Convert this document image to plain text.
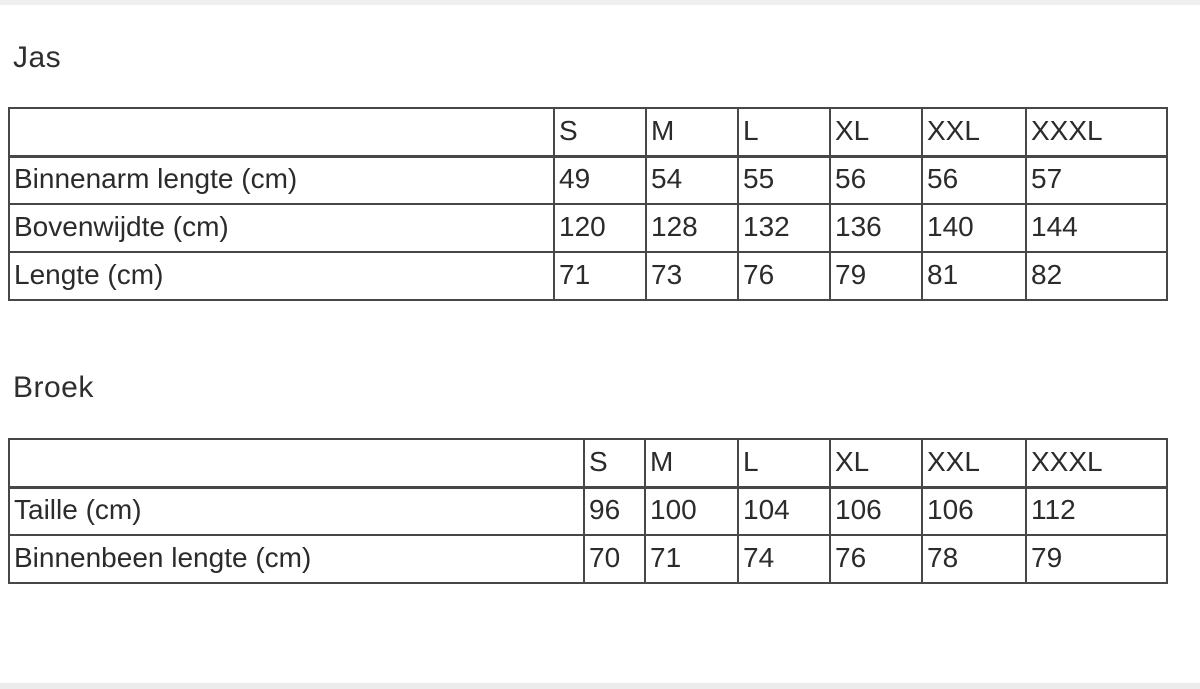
Jas
	S	M	L	XL	XXL	XXXL
Binnenarm lengte (cm)	49	54	55	56	56	57
Bovenwijdte (cm)	120	128	132	136	140	144
Lengte (cm)	71	73	76	79	81	82
Broek
	S	M	L	XL	XXL	XXXL
Taille (cm)	96	100	104	106	106	112
Binnenbeen lengte (cm)	70	71	74	76	78	79
